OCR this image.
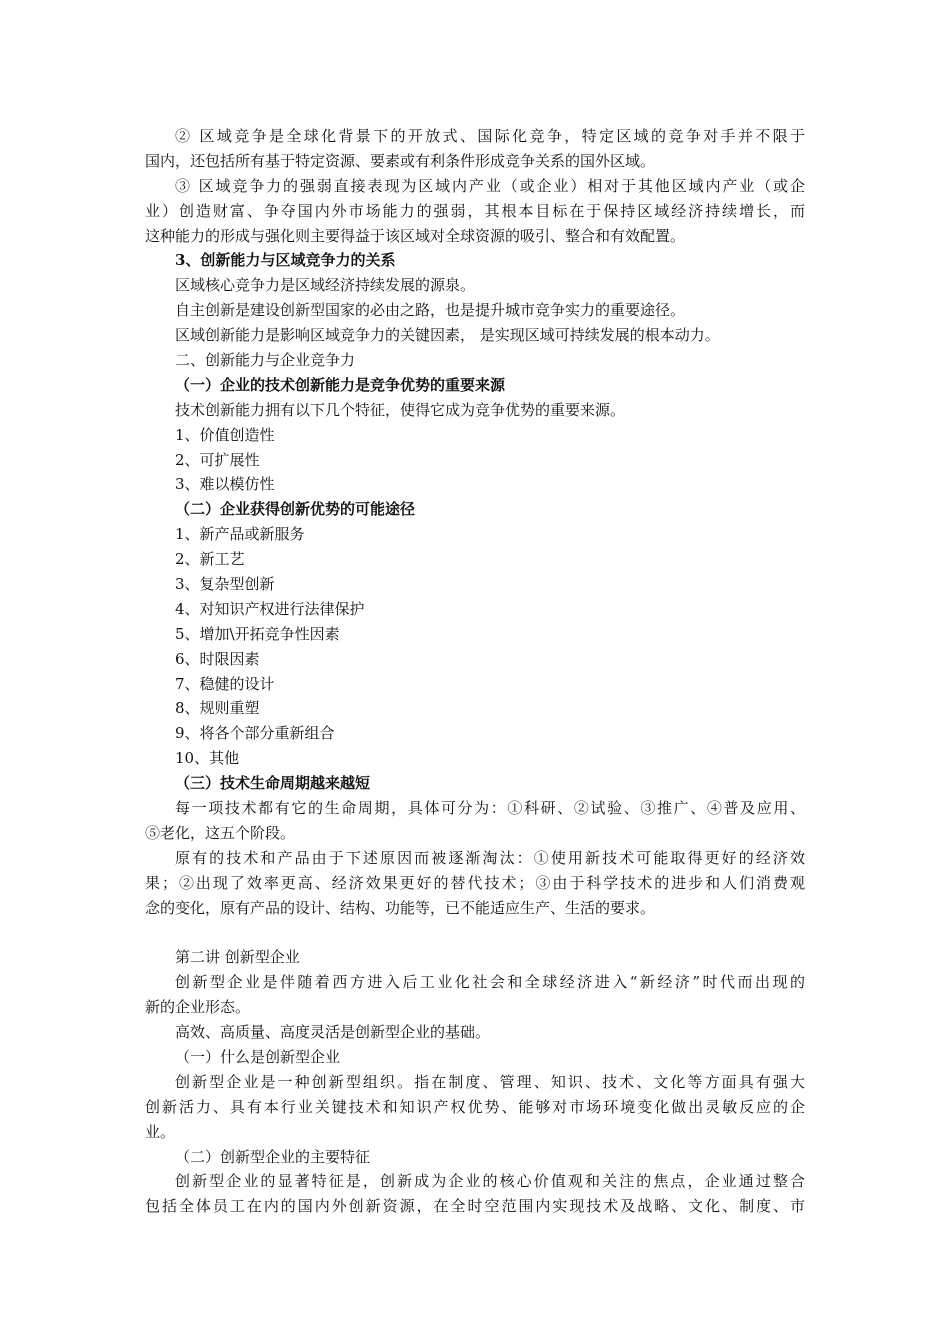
② 区域竞争是全球化背景下的开放式、国际化竞争，特定区域的竞争对手并不限于
国内，还包括所有基于特定资源、要素或有利条件形成竞争关系的国外区域。
③ 区域竞争力的强弱直接表现为区域内产业（或企业）相对于其他区域内产业（或企
业）创造财富、争夺国内外市场能力的强弱，其根本目标在于保持区域经济持续增长，而
这种能力的形成与强化则主要得益于该区域对全球资源的吸引、整合和有效配置。
3、创新能力与区域竞争力的关系
区域核心竞争力是区域经济持续发展的源泉。
自主创新是建设创新型国家的必由之路，也是提升城市竞争实力的重要途径。
区域创新能力是影响区域竞争力的关键因素， 是实现区域可持续发展的根本动力。
二、创新能力与企业竞争力
（一）企业的技术创新能力是竞争优势的重要来源
技术创新能力拥有以下几个特征，使得它成为竞争优势的重要来源。
1、价值创造性
2、可扩展性
3、难以模仿性
（二）企业获得创新优势的可能途径
1、新产品或新服务
2、新工艺
3、复杂型创新
4、对知识产权进行法律保护
5、增加\开拓竞争性因素
6、时限因素
7、稳健的设计
8、规则重塑
9、将各个部分重新组合
10、其他
（三）技术生命周期越来越短
每一项技术都有它的生命周期，具体可分为：①科研、②试验、③推广、④普及应用、
⑤老化，这五个阶段。
原有的技术和产品由于下述原因而被逐渐淘汰：①使用新技术可能取得更好的经济效
果；②出现了效率更高、经济效果更好的替代技术；③由于科学技术的进步和人们消费观
念的变化，原有产品的设计、结构、功能等，已不能适应生产、生活的要求。
第二讲 创新型企业
创新型企业是伴随着西方进入后工业化社会和全球经济进入“新经济”时代而出现的
新的企业形态。
高效、高质量、高度灵活是创新型企业的基础。
（一）什么是创新型企业
创新型企业是一种创新型组织。指在制度、管理、知识、技术、文化等方面具有强大
创新活力、具有本行业关键技术和知识产权优势、能够对市场环境变化做出灵敏反应的企
业。
（二）创新型企业的主要特征
创新型企业的显著特征是，创新成为企业的核心价值观和关注的焦点，企业通过整合
包括全体员工在内的国内外创新资源，在全时空范围内实现技术及战略、文化、制度、市
